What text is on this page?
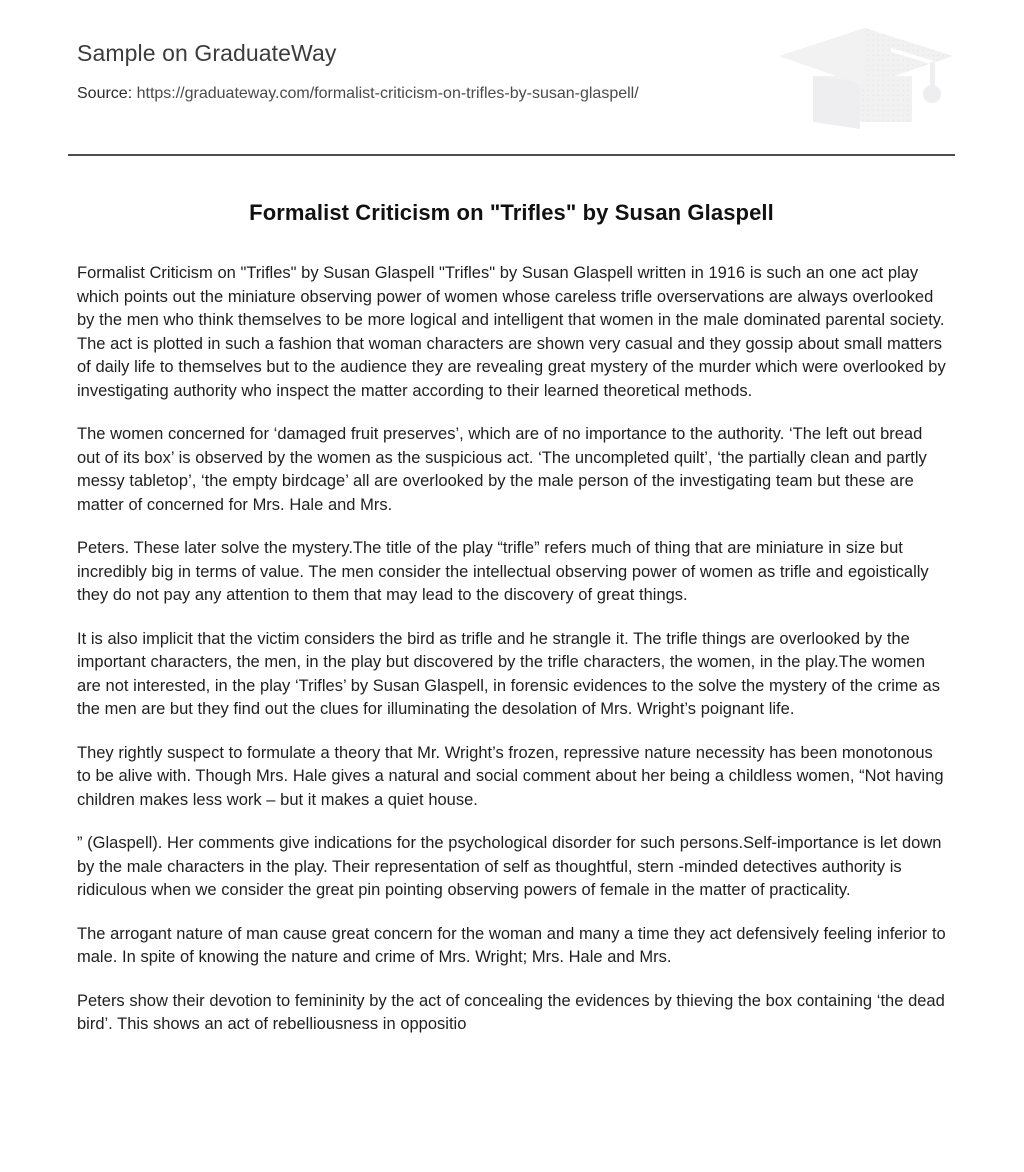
Sample on GraduateWay
Source: https://graduateway.com/formalist-criticism-on-trifles-by-susan-glaspell/
Formalist Criticism on "Trifles" by Susan Glaspell

Formalist Criticism on "Trifles" by Susan Glaspell "Trifles" by Susan Glaspell written in 1916 is such an one act play which points out the miniature observing power of women whose careless trifle overservations are always overlooked by the men who think themselves to be more logical and intelligent that women in the male dominated parental society. The act is plotted in such a fashion that woman characters are shown very casual and they gossip about small matters of daily life to themselves but to the audience they are revealing great mystery of the murder which were overlooked by investigating authority who inspect the matter according to their learned theoretical methods.

The women concerned for ‘damaged fruit preserves’, which are of no importance to the authority. ‘The left out bread out of its box’ is observed by the women as the suspicious act. ‘The uncompleted quilt’, ‘the partially clean and partly messy tabletop’, ‘the empty birdcage’ all are overlooked by the male person of the investigating team but these are matter of concerned for Mrs. Hale and Mrs.

Peters. These later solve the mystery.The title of the play “trifle” refers much of thing that are miniature in size but incredibly big in terms of value. The men consider the intellectual observing power of women as trifle and egoistically they do not pay any attention to them that may lead to the discovery of great things.

It is also implicit that the victim considers the bird as trifle and he strangle it. The trifle things are overlooked by the important characters, the men, in the play but discovered by the trifle characters, the women, in the play.The women are not interested, in the play ‘Trifles’ by Susan Glaspell, in forensic evidences to the solve the mystery of the crime as the men are but they find out the clues for illuminating the desolation of Mrs. Wright’s poignant life.

They rightly suspect to formulate a theory that Mr. Wright’s frozen, repressive nature necessity has been monotonous to be alive with. Though Mrs. Hale gives a natural and social comment about her being a childless women, “Not having children makes less work – but it makes a quiet house.

” (Glaspell). Her comments give indications for the psychological disorder for such persons.Self-importance is let down by the male characters in the play. Their representation of self as thoughtful, stern -minded detectives authority is ridiculous when we consider the great pin pointing observing powers of female in the matter of practicality.

The arrogant nature of man cause great concern for the woman and many a time they act defensively feeling inferior to male. In spite of knowing the nature and crime of Mrs. Wright; Mrs. Hale and Mrs.

Peters show their devotion to femininity by the act of concealing the evidences by thieving the box containing ‘the dead bird’. This shows an act of rebelliousness in oppositio
